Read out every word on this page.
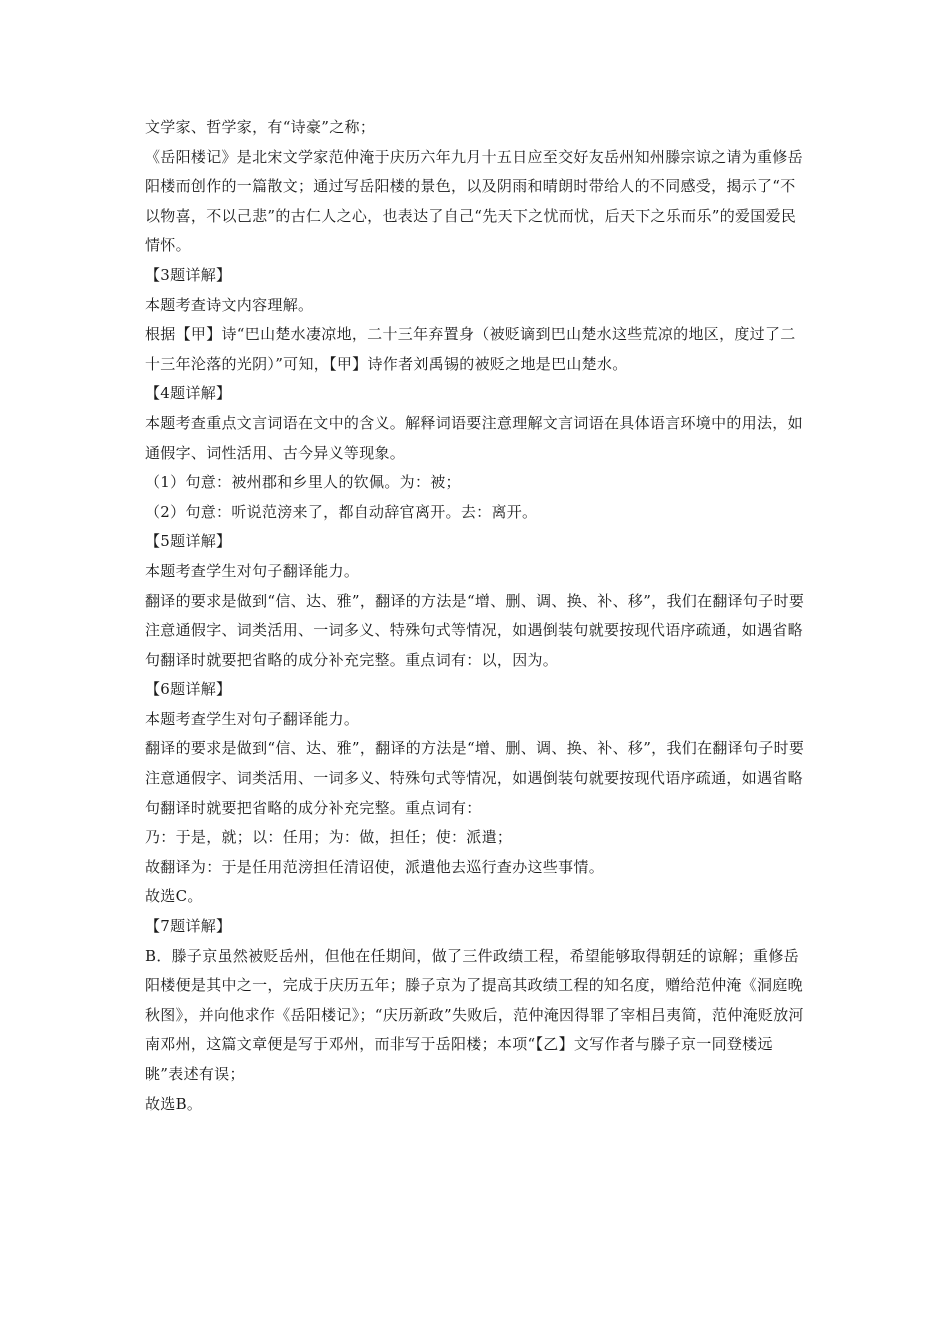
文学家、哲学家，有“诗豪”之称；

《岳阳楼记》是北宋文学家范仲淹于庆历六年九月十五日应至交好友岳州知州滕宗谅之请为重修岳阳楼而创作的一篇散文；通过写岳阳楼的景色，以及阴雨和晴朗时带给人的不同感受，揭示了“不以物喜，不以己悲”的古仁人之心，也表达了自己“先天下之忧而忧，后天下之乐而乐”的爱国爱民情怀。

【3题详解】

本题考查诗文内容理解。

根据【甲】诗“巴山楚水凄凉地，二十三年弃置身（被贬谪到巴山楚水这些荒凉的地区，度过了二十三年沦落的光阴）”可知，【甲】诗作者刘禹锡的被贬之地是巴山楚水。

【4题详解】

本题考查重点文言词语在文中的含义。解释词语要注意理解文言词语在具体语言环境中的用法，如通假字、词性活用、古今异义等现象。

（1）句意：被州郡和乡里人的钦佩。为：被；

（2）句意：听说范滂来了，都自动辞官离开。去：离开。

【5题详解】

本题考查学生对句子翻译能力。

翻译的要求是做到“信、达、雅”，翻译的方法是“增、删、调、换、补、移”，我们在翻译句子时要注意通假字、词类活用、一词多义、特殊句式等情况，如遇倒装句就要按现代语序疏通，如遇省略句翻译时就要把省略的成分补充完整。重点词有：以，因为。

【6题详解】

本题考查学生对句子翻译能力。

翻译的要求是做到“信、达、雅”，翻译的方法是“增、删、调、换、补、移”，我们在翻译句子时要注意通假字、词类活用、一词多义、特殊句式等情况，如遇倒装句就要按现代语序疏通，如遇省略句翻译时就要把省略的成分补充完整。重点词有：

乃：于是，就；以：任用；为：做，担任；使：派遣；

故翻译为：于是任用范滂担任清诏使，派遣他去巡行查办这些事情。

故选C。

【7题详解】

B．滕子京虽然被贬岳州，但他在任期间，做了三件政绩工程，希望能够取得朝廷的谅解；重修岳阳楼便是其中之一，完成于庆历五年；滕子京为了提高其政绩工程的知名度，赠给范仲淹《洞庭晚秋图》，并向他求作《岳阳楼记》；“庆历新政”失败后，范仲淹因得罪了宰相吕夷简，范仲淹贬放河南邓州，这篇文章便是写于邓州，而非写于岳阳楼；本项“【乙】文写作者与滕子京一同登楼远眺”表述有误；

故选B。
